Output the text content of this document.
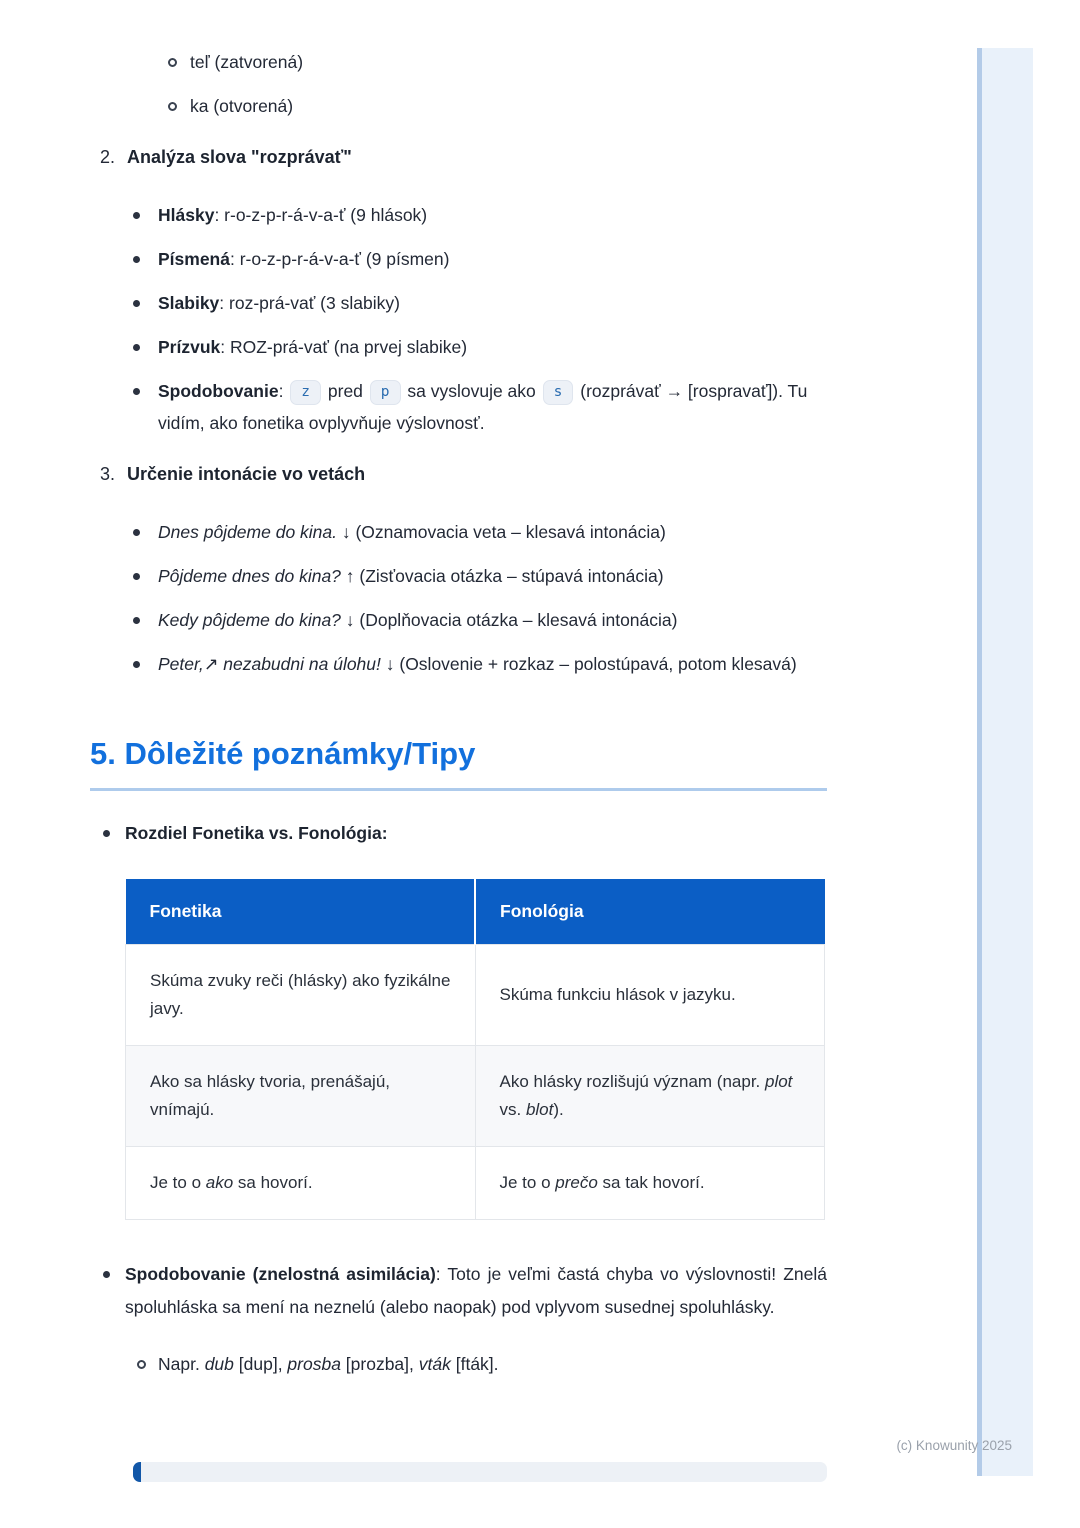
teľ (zatvorená)
ka (otvorená)
2. Analýza slova "rozprávať"
Hlásky: r-o-z-p-r-á-v-a-ť (9 hlások)
Písmená: r-o-z-p-r-á-v-a-ť (9 písmen)
Slabiky: roz-prá-vať (3 slabiky)
Prízvuk: ROZ-prá-vať (na prvej slabike)
Spodobovanie: z pred p sa vyslovuje ako s (rozprávať → [rospravať]). Tu vidím, ako fonetika ovplyvňuje výslovnosť.
3. Určenie intonácie vo vetách
Dnes pôjdeme do kina. ↓ (Oznamovacia veta – klesavá intonácia)
Pôjdeme dnes do kina? ↑ (Zisťovacia otázka – stúpavá intonácia)
Kedy pôjdeme do kina? ↓ (Doplňovacia otázka – klesavá intonácia)
Peter,↗ nezabudni na úlohu! ↓ (Oslovenie + rozkaz – polostúpavá, potom klesavá)
5. Dôležité poznámky/Tipy
Rozdiel Fonetika vs. Fonológia:
Fonetika	Fonológia
Skúma zvuky reči (hlásky) ako fyzikálne javy.	Skúma funkciu hlások v jazyku.
Ako sa hlásky tvoria, prenášajú, vnímajú.	Ako hlásky rozlišujú význam (napr. plot vs. blot).
Je to o ako sa hovorí.	Je to o prečo sa tak hovorí.
Spodobovanie (znelostná asimilácia): Toto je veľmi častá chyba vo výslovnosti! Znelá spoluhláska sa mení na neznelú (alebo naopak) pod vplyvom susednej spoluhlásky.
Napr. dub [dup], prosba [prozba], vták [fták].
(c) Knowunity 2025
